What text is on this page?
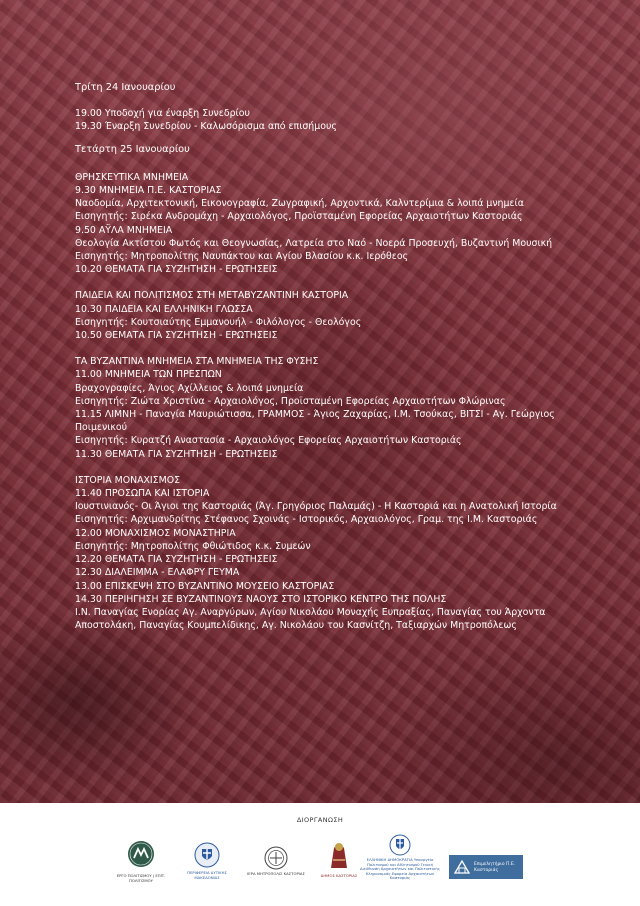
Τρίτη 24 Ιανουαρίου
19.00 Υποδοχή για έναρξη Συνεδρίου
19.30 Έναρξη Συνεδρίου - Καλωσόρισμα από επισήμους
Τετάρτη 25 Ιανουαρίου
ΘΡΗΣΚΕΥΤΙΚΑ ΜΝΗΜΕΙΑ
9.30 ΜΝΗΜΕΙΑ Π.Ε. ΚΑΣΤΟΡΙΑΣ
Ναοδομία, Αρχιτεκτονική, Εικονογραφία, Ζωγραφική, Αρχοντικά, Καλντερίμια & λοιπά μνημεία
Εισηγητής: Σιρέκα Ανδρομάχη - Αρχαιολόγος, Προϊσταμένη Εφορείας Αρχαιοτήτων Καστοριάς
9.50 ΑΫΛΑ ΜΝΗΜΕΙΑ
Θεολογία Ακτίστου Φωτός και Θεογνωσίας, Λατρεία στο Ναό - Νοερά Προσευχή, Βυζαντινή Μουσική
Εισηγητής: Μητροπολίτης Ναυπάκτου και Αγίου Βλασίου κ.κ. Ιερόθεος
10.20 ΘΕΜΑΤΑ ΓΙΑ ΣΥΖΗΤΗΣΗ - ΕΡΩΤΗΣΕΙΣ
ΠΑΙΔΕΙΑ ΚΑΙ ΠΟΛΙΤΙΣΜΟΣ ΣΤΗ ΜΕΤΑΒΥΖΑΝΤΙΝΗ ΚΑΣΤΟΡΙΑ
10.30 ΠΑΙΔΕΙΑ ΚΑΙ ΕΛΛΗΝΙΚΗ ΓΛΩΣΣΑ
Εισηγητής: Κουτσιαύτης Εμμανουήλ - Φιλόλογος - Θεολόγος
10.50 ΘΕΜΑΤΑ ΓΙΑ ΣΥΖΗΤΗΣΗ - ΕΡΩΤΗΣΕΙΣ
ΤΑ ΒΥΖΑΝΤΙΝΑ ΜΝΗΜΕΙΑ ΣΤΑ ΜΝΗΜΕΙΑ ΤΗΣ ΦΥΣΗΣ
11.00 ΜΝΗΜΕΙΑ ΤΩΝ ΠΡΕΣΠΩΝ
Βραχογραφίες, Άγιος Αχίλλειος & λοιπά μνημεία
Εισηγητής: Ζιώτα Χριστίνα - Αρχαιολόγος, Προϊσταμένη Εφορείας Αρχαιοτήτων Φλώρινας
11.15 ΛΙΜΝΗ - Παναγία Μαυριώτισσα, ΓΡΑΜΜΟΣ - Άγιος Ζαχαρίας, Ι.Μ. Τσούκας, ΒΙΤΣΙ - Αγ. Γεώργιος Ποιμενικού
Εισηγητής: Κυρατζή Αναστασία - Αρχαιολόγος Εφορείας Αρχαιοτήτων Καστοριάς
11.30 ΘΕΜΑΤΑ ΓΙΑ ΣΥΖΗΤΗΣΗ - ΕΡΩΤΗΣΕΙΣ
ΙΣΤΟΡΙΑ ΜΟΝΑΧΙΣΜΟΣ
11.40 ΠΡΟΣΩΠΑ ΚΑΙ ΙΣΤΟΡΙΑ
Ιουστινιανός- Οι Άγιοι της Καστοριάς (Άγ. Γρηγόριος Παλαμάς) - Η Καστοριά και η Ανατολική Ιστορία
Εισηγητής: Αρχιμανδρίτης Στέφανος Σχοινάς - Ιστορικός, Αρχαιολόγος, Γραμ. της Ι.Μ. Καστοριάς
12.00 ΜΟΝΑΧΙΣΜΟΣ ΜΟΝΑΣΤΗΡΙΑ
Εισηγητής: Μητροπολίτης Φθιώτιδος κ.κ. Συμεών
12.20 ΘΕΜΑΤΑ ΓΙΑ ΣΥΖΗΤΗΣΗ - ΕΡΩΤΗΣΕΙΣ
12.30 ΔΙΑΛΕΙΜΜΑ - ΕΛΑΦΡΥ ΓΕΥΜΑ
13.00 ΕΠΙΣΚΕΨΗ ΣΤΟ ΒΥΖΑΝΤΙΝΟ ΜΟΥΣΕΙΟ ΚΑΣΤΟΡΙΑΣ
14.30 ΠΕΡΙΗΓΗΣΗ ΣΕ ΒΥΖΑΝΤΙΝΟΥΣ ΝΑΟΥΣ ΣΤΟ ΙΣΤΟΡΙΚΟ ΚΕΝΤΡΟ ΤΗΣ ΠΟΛΗΣ
Ι.Ν. Παναγίας Ενορίας Αγ. Αναργύρων, Αγίου Νικολάου Μοναχής Ευπραξίας, Παναγίας του Άρχοντα Αποστολάκη, Παναγίας Κουμπελίδικης, Αγ. Νικολάου του Κασνίτζη, Ταξιαρχών Μητροπόλεως
ΔΙΟΡΓΑΝΩΣΗ
ΕΡΓΟ ΠΟΛΙΤΙΣΜΟΥ | ΕΠΙΤ. ΠΟΛΙΤΙΣΜΟΥ
ΠΕΡΙΦΕΡΕΙΑ ΔΥΤΙΚΗΣ ΜΑΚΕΔΟΝΙΑΣ
ΙΕΡΑ ΜΗΤΡΟΠΟΛΙΣ ΚΑΣΤΟΡΙΑΣ	ΔΗΜΟΣ ΚΑΣΤΟΡΙΑΣ
ΕΛΛΗΝΙΚΗ ΔΗΜΟΚΡΑΤΙΑ Υπουργείο Πολιτισμού και Αθλητισμού Γενική Διεύθυνση Αρχαιοτήτων και Πολιτιστικής Κληρονομιάς Εφορεία Αρχαιοτήτων Καστοριάς
Επιμελητήριο Π.Ε. Καστοριάς
